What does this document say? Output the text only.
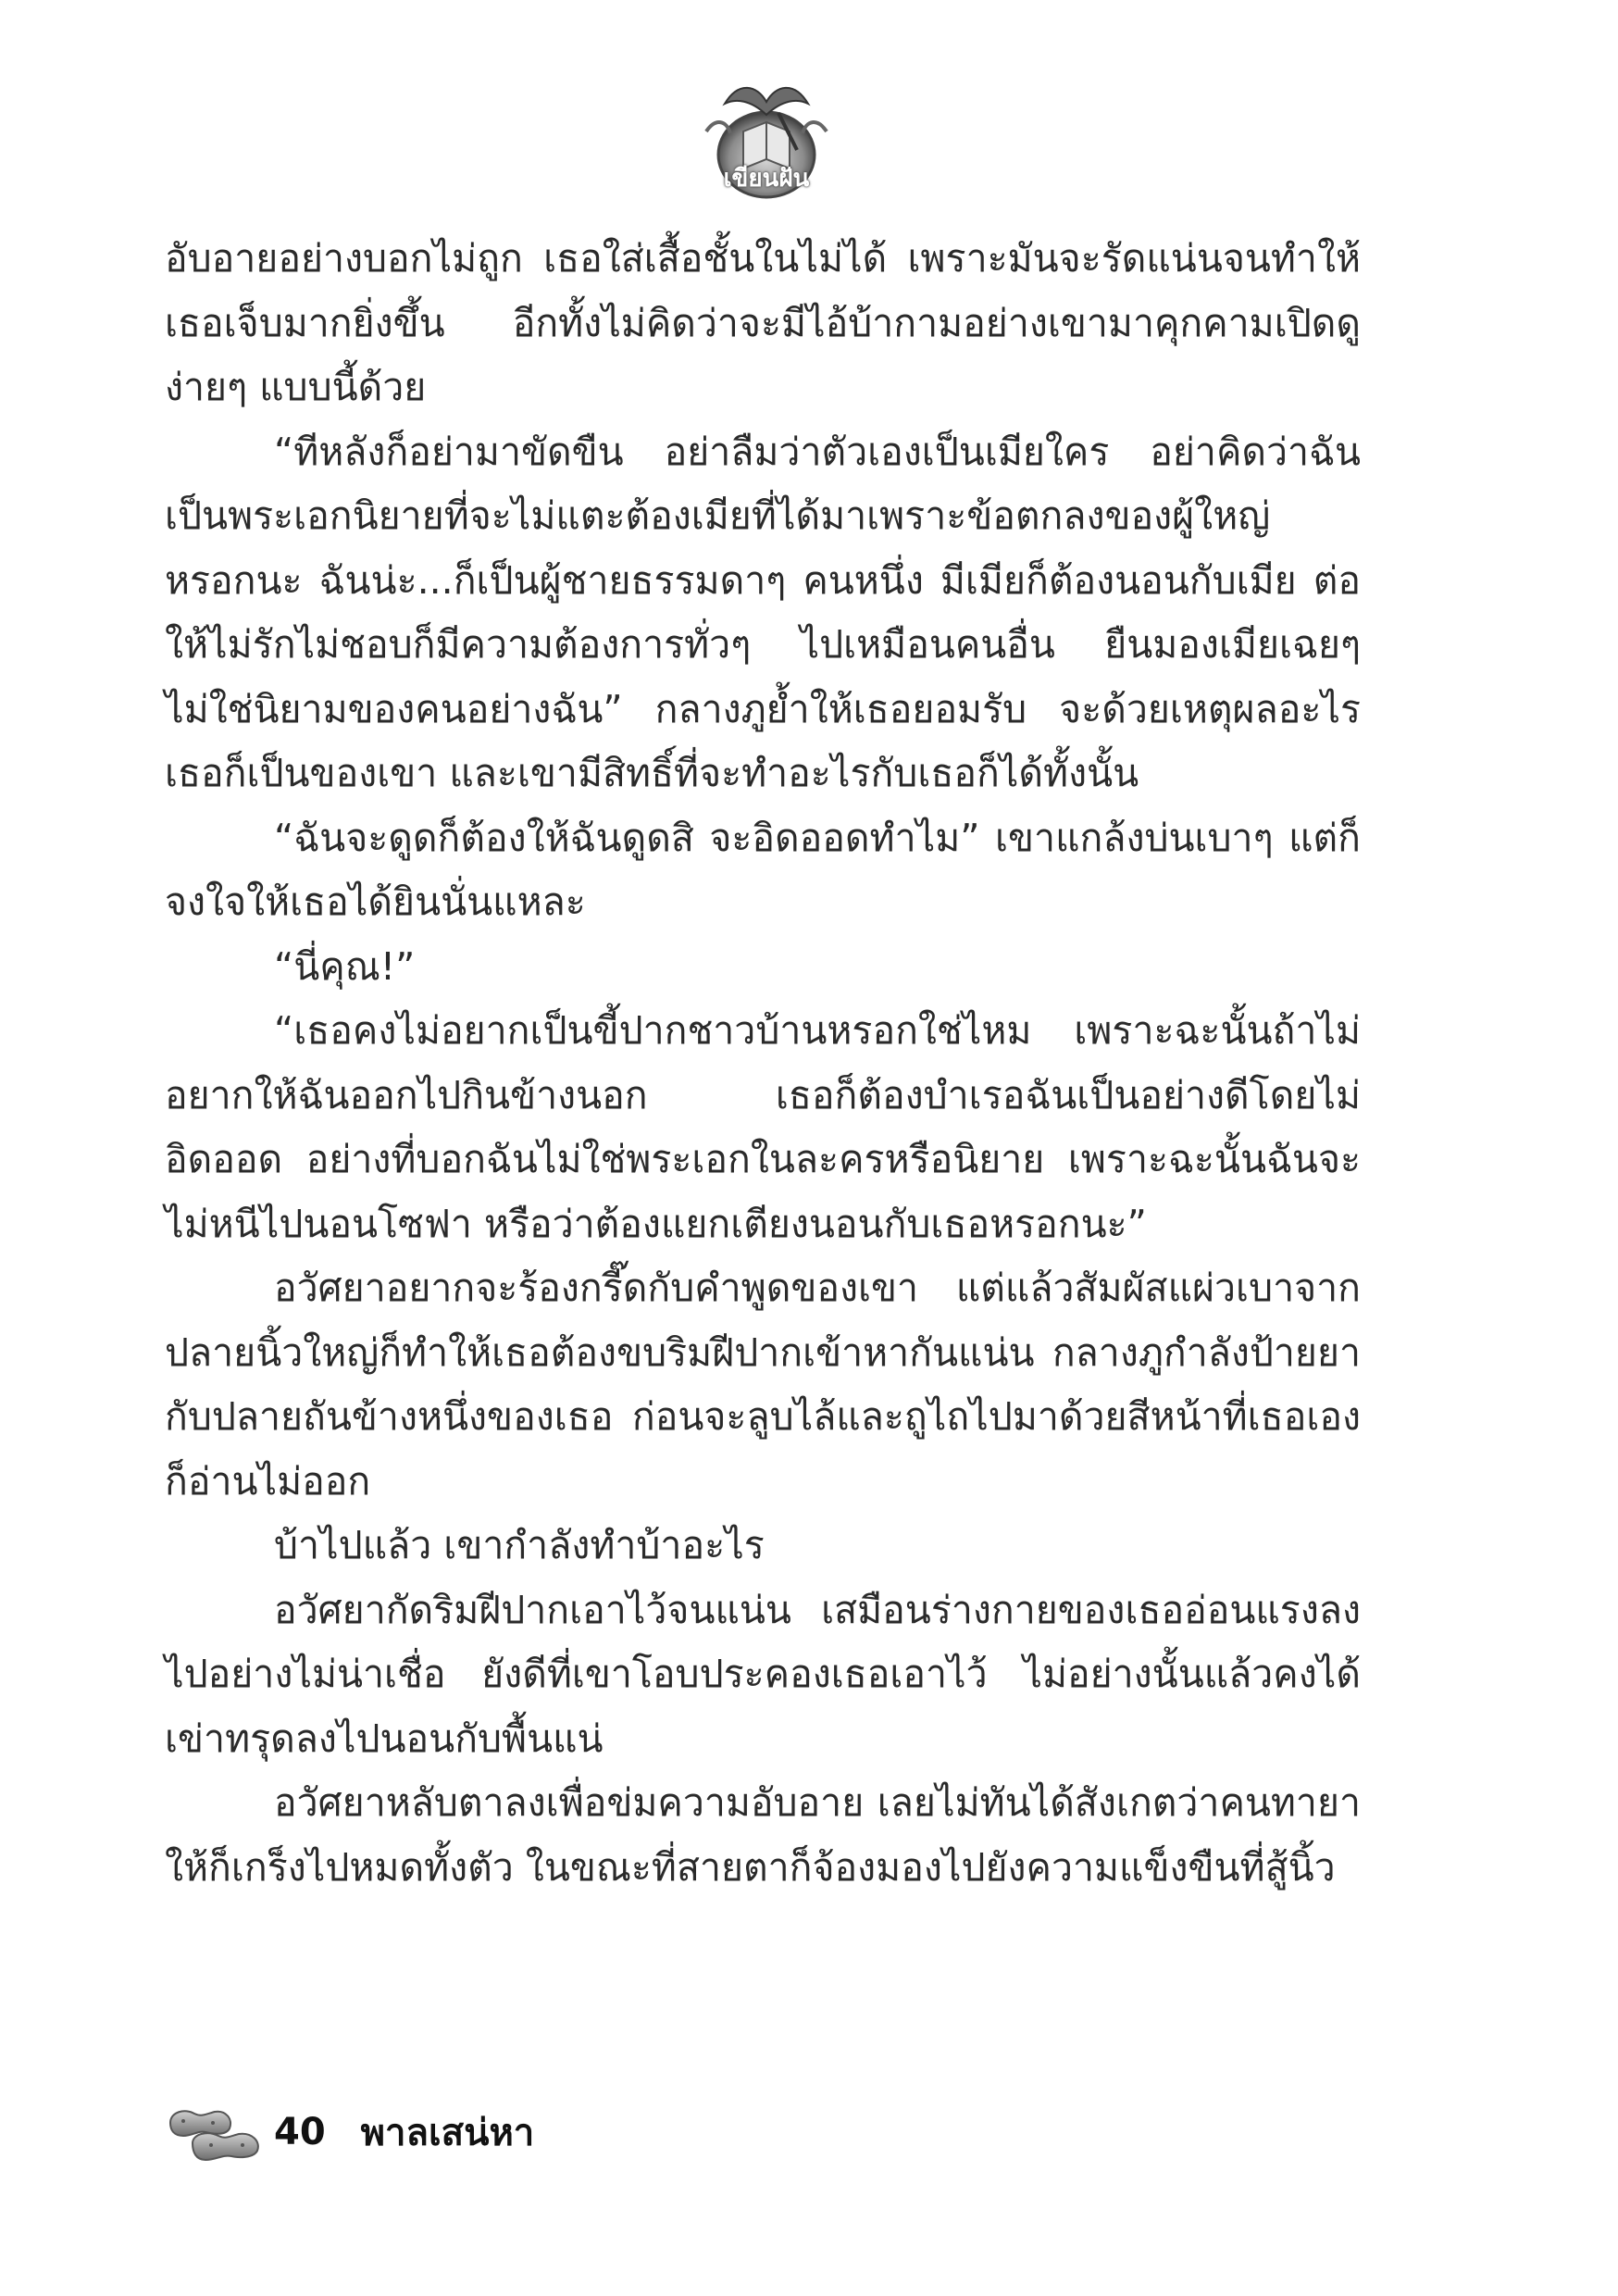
เขียนฝัน

อับอายอย่างบอกไม่ถูก เธอใส่เสื้อชั้นในไม่ได้ เพราะมันจะรัดแน่นจนทำให้เธอเจ็บมากยิ่งขึ้น อีกทั้งไม่คิดว่าจะมีไอ้บ้ากามอย่างเขามาคุกคามเปิดดูง่ายๆ แบบนี้ด้วย

“ทีหลังก็อย่ามาขัดขืน อย่าลืมว่าตัวเองเป็นเมียใคร อย่าคิดว่าฉันเป็นพระเอกนิยายที่จะไม่แตะต้องเมียที่ได้มาเพราะข้อตกลงของผู้ใหญ่หรอกนะ ฉันน่ะ...ก็เป็นผู้ชายธรรมดาๆ คนหนึ่ง มีเมียก็ต้องนอนกับเมีย ต่อให้ไม่รักไม่ชอบก็มีความต้องการทั่วๆ ไปเหมือนคนอื่น ยืนมองเมียเฉยๆ ไม่ใช่นิยามของคนอย่างฉัน” กลางภูย้ำให้เธอยอมรับ จะด้วยเหตุผลอะไร เธอก็เป็นของเขา และเขามีสิทธิ์ที่จะทำอะไรกับเธอก็ได้ทั้งนั้น

“ฉันจะดูดก็ต้องให้ฉันดูดสิ จะอิดออดทำไม” เขาแกล้งบ่นเบาๆ แต่ก็จงใจให้เธอได้ยินนั่นแหละ

“นี่คุณ!”

“เธอคงไม่อยากเป็นขี้ปากชาวบ้านหรอกใช่ไหม เพราะฉะนั้นถ้าไม่อยากให้ฉันออกไปกินข้างนอก เธอก็ต้องบำเรอฉันเป็นอย่างดีโดยไม่อิดออด อย่างที่บอกฉันไม่ใช่พระเอกในละครหรือนิยาย เพราะฉะนั้นฉันจะไม่หนีไปนอนโซฟา หรือว่าต้องแยกเตียงนอนกับเธอหรอกนะ”

อวัศยาอยากจะร้องกรี๊ดกับคำพูดของเขา แต่แล้วสัมผัสแผ่วเบาจากปลายนิ้วใหญ่ก็ทำให้เธอต้องขบริมฝีปากเข้าหากันแน่น กลางภูกำลังป้ายยากับปลายถันข้างหนึ่งของเธอ ก่อนจะลูบไล้และถูไถไปมาด้วยสีหน้าที่เธอเองก็อ่านไม่ออก

บ้าไปแล้ว เขากำลังทำบ้าอะไร

อวัศยากัดริมฝีปากเอาไว้จนแน่น เสมือนร่างกายของเธออ่อนแรงลงไปอย่างไม่น่าเชื่อ ยังดีที่เขาโอบประคองเธอเอาไว้ ไม่อย่างนั้นแล้วคงได้เข่าทรุดลงไปนอนกับพื้นแน่

อวัศยาหลับตาลงเพื่อข่มความอับอาย เลยไม่ทันได้สังเกตว่าคนทายาให้ก็เกร็งไปหมดทั้งตัว ในขณะที่สายตาก็จ้องมองไปยังความแข็งขืนที่สู้นิ้ว

40 พาลเสน่หา
